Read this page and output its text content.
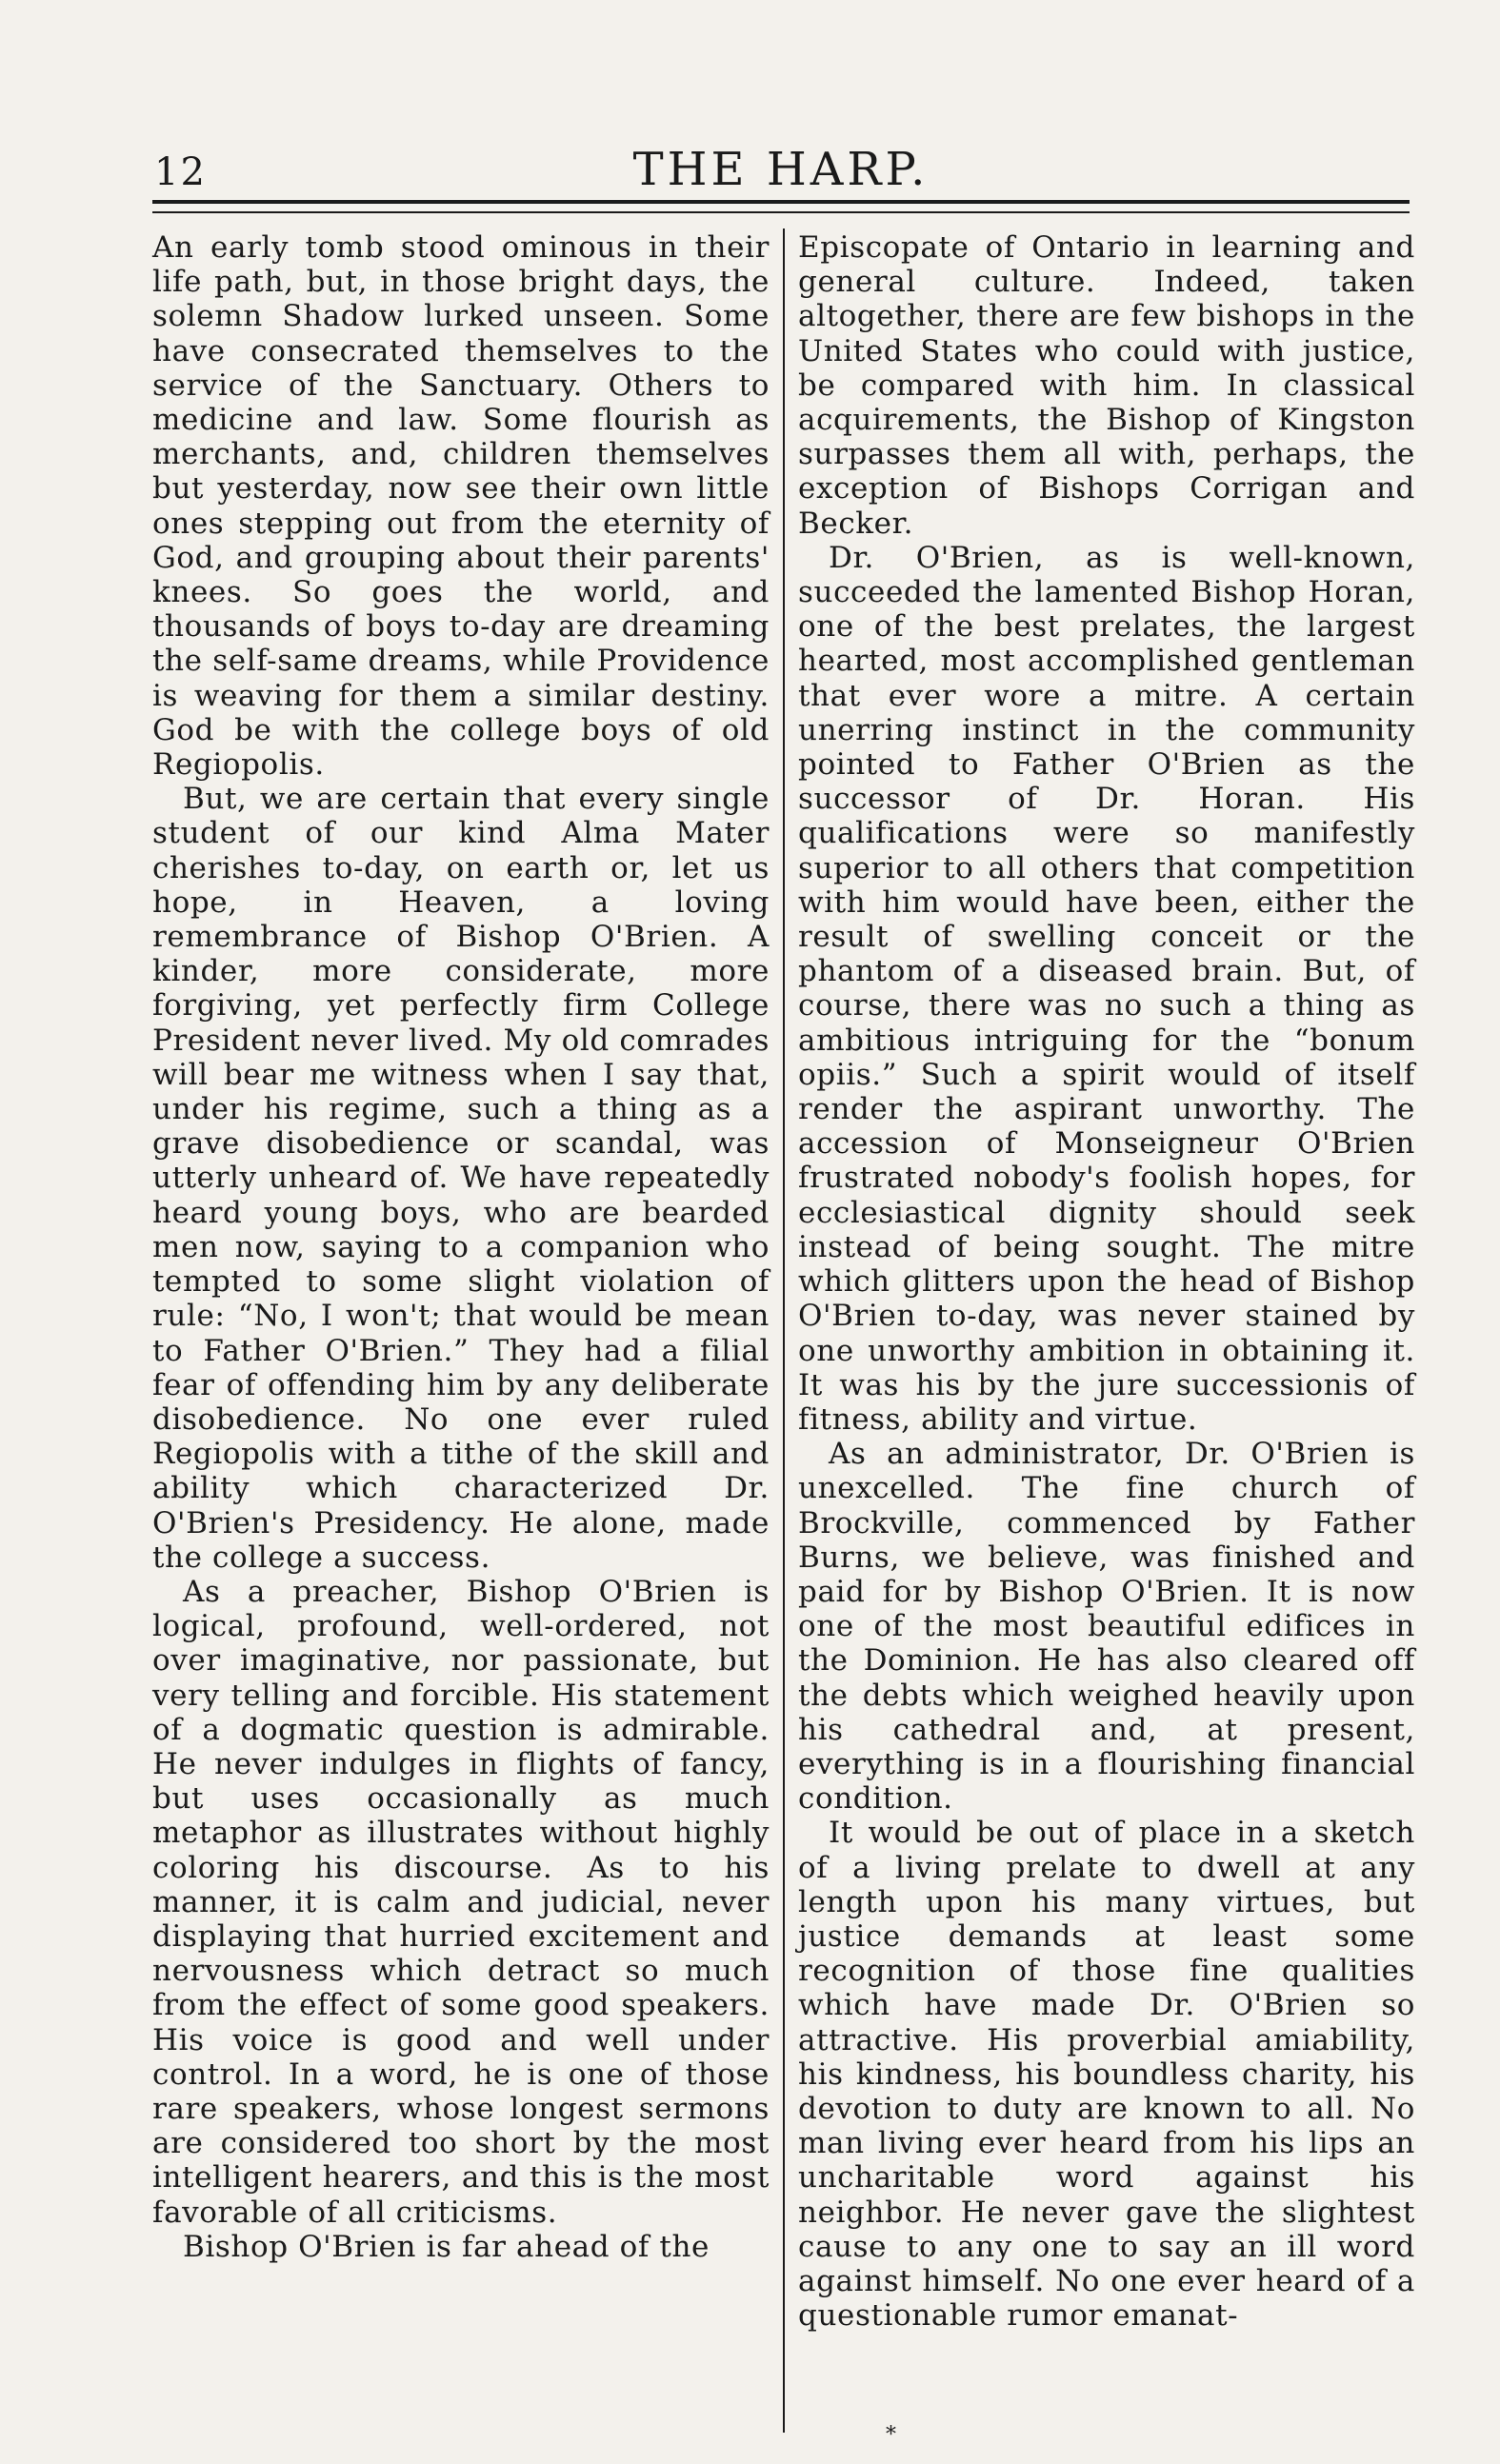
12	THE HARP.

An early tomb stood ominous in their life path, but, in those bright days, the solemn Shadow lurked unseen. Some have consecrated themselves to the service of the Sanctuary. Others to medicine and law. Some flourish as merchants, and, children themselves but yesterday, now see their own little ones stepping out from the eternity of God, and grouping about their parents' knees. So goes the world, and thousands of boys to-day are dreaming the self-same dreams, while Providence is weaving for them a similar destiny. God be with the college boys of old Regiopolis.

But, we are certain that every single student of our kind Alma Mater cherishes to-day, on earth or, let us hope, in Heaven, a loving remembrance of Bishop O'Brien. A kinder, more considerate, more forgiving, yet perfectly firm College President never lived. My old comrades will bear me witness when I say that, under his regime, such a thing as a grave disobedience or scandal, was utterly unheard of. We have repeatedly heard young boys, who are bearded men now, saying to a companion who tempted to some slight violation of rule: “No, I won't; that would be mean to Father O'Brien.” They had a filial fear of offending him by any deliberate disobedience. No one ever ruled Regiopolis with a tithe of the skill and ability which characterized Dr. O'Brien's Presidency. He alone, made the college a success.

As a preacher, Bishop O'Brien is logical, profound, well-ordered, not over imaginative, nor passionate, but very telling and forcible. His statement of a dogmatic question is admirable. He never indulges in flights of fancy, but uses occasionally as much metaphor as illustrates without highly coloring his discourse. As to his manner, it is calm and judicial, never displaying that hurried excitement and nervousness which detract so much from the effect of some good speakers. His voice is good and well under control. In a word, he is one of those rare speakers, whose longest sermons are considered too short by the most intelligent hearers, and this is the most favorable of all criticisms.

Bishop O'Brien is far ahead of the

Episcopate of Ontario in learning and general culture. Indeed, taken altogether, there are few bishops in the United States who could with justice, be compared with him. In classical acquirements, the Bishop of Kingston surpasses them all with, perhaps, the exception of Bishops Corrigan and Becker.

Dr. O'Brien, as is well-known, succeeded the lamented Bishop Horan, one of the best prelates, the largest hearted, most accomplished gentleman that ever wore a mitre. A certain unerring instinct in the community pointed to Father O'Brien as the successor of Dr. Horan. His qualifications were so manifestly superior to all others that competition with him would have been, either the result of swelling conceit or the phantom of a diseased brain. But, of course, there was no such a thing as ambitious intriguing for the “bonum opiis.” Such a spirit would of itself render the aspirant unworthy. The accession of Monseigneur O'Brien frustrated nobody's foolish hopes, for ecclesiastical dignity should seek instead of being sought. The mitre which glitters upon the head of Bishop O'Brien to-day, was never stained by one unworthy ambition in obtaining it. It was his by the jure successionis of fitness, ability and virtue.

As an administrator, Dr. O'Brien is unexcelled. The fine church of Brockville, commenced by Father Burns, we believe, was finished and paid for by Bishop O'Brien. It is now one of the most beautiful edifices in the Dominion. He has also cleared off the debts which weighed heavily upon his cathedral and, at present, everything is in a flourishing financial condition.

It would be out of place in a sketch of a living prelate to dwell at any length upon his many virtues, but justice demands at least some recognition of those fine qualities which have made Dr. O'Brien so attractive. His proverbial amiability, his kindness, his boundless charity, his devotion to duty are known to all. No man living ever heard from his lips an uncharitable word against his neighbor. He never gave the slightest cause to any one to say an ill word against himself. No one ever heard of a questionable rumor emanat-

*
